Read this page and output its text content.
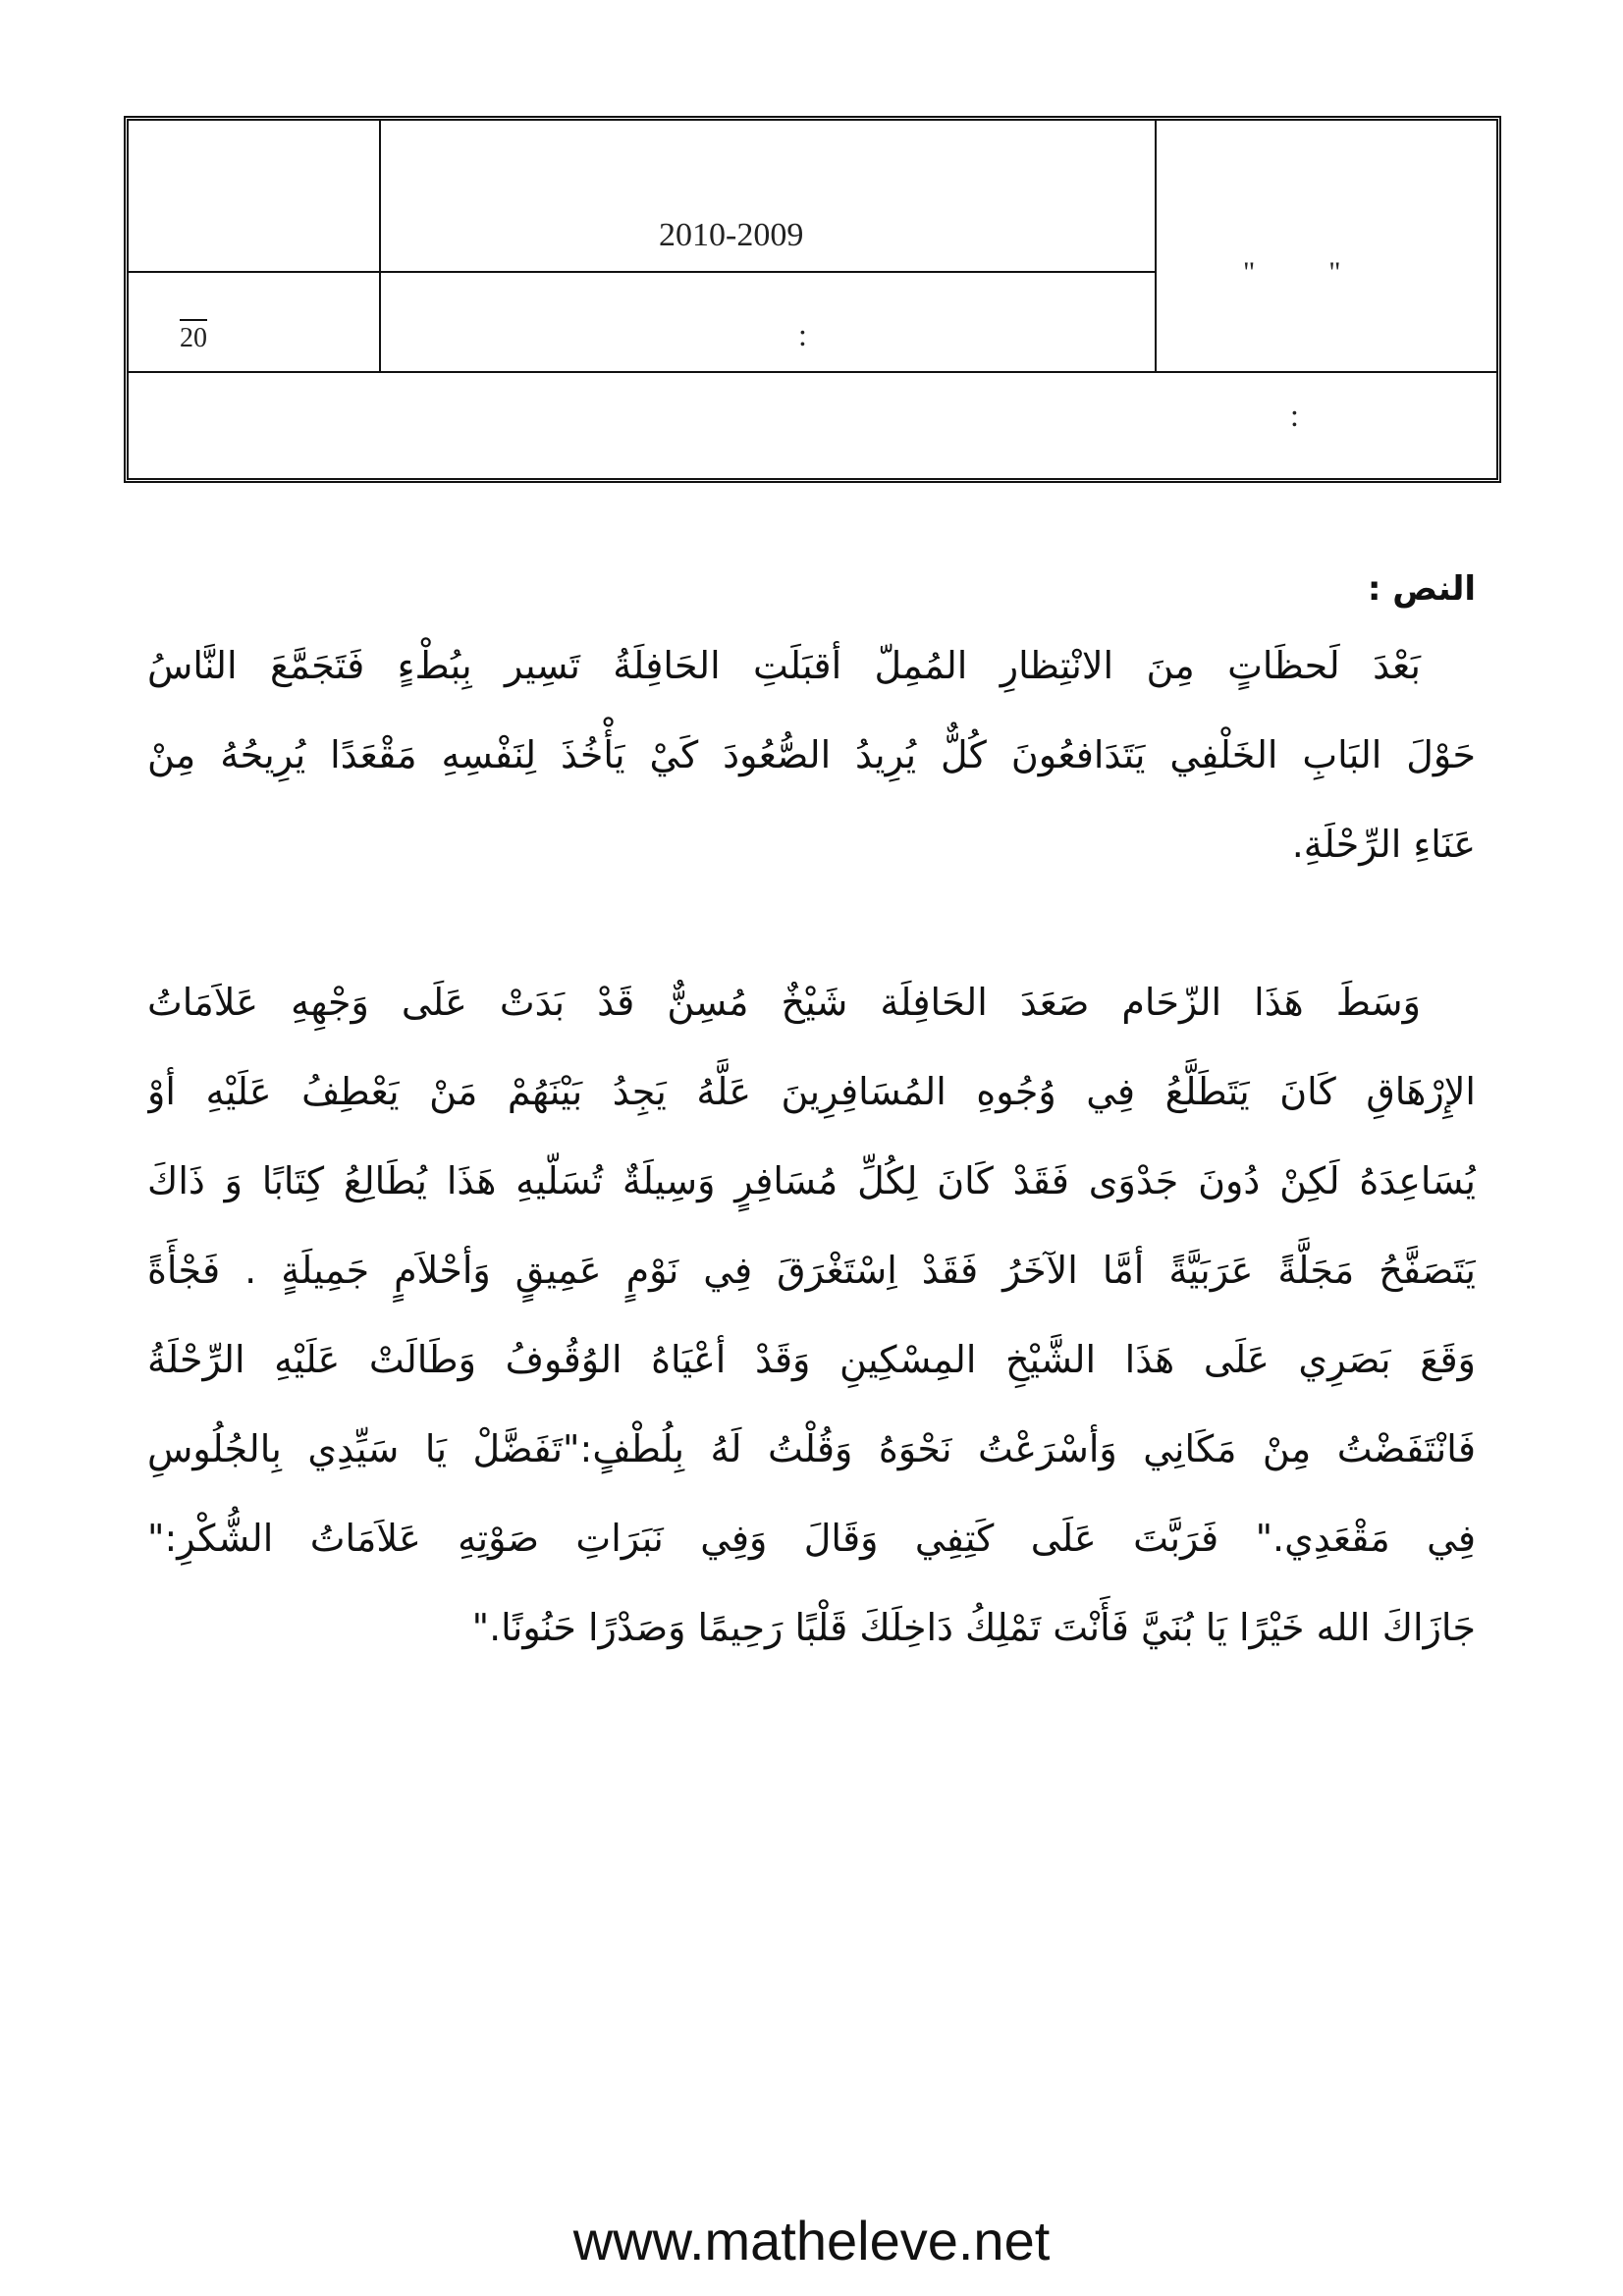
2010-2009
"          "
:
20
:
النص :
بَعْدَ لَحظَاتٍ مِنَ الانْتِظارِ المُمِلّ أقبَلَتِ الحَافِلَةُ تَسِير بِبُطْءٍ فَتَجَمَّعَ النَّاسُ
حَوْلَ البَابِ الخَلْفِي يَتَدَافعُونَ كُلٌّ يُرِيدُ الصُّعُودَ كَيْ يَأْخُذَ لِنَفْسِهِ مَقْعَدًا يُرِيحُهُ مِنْ
عَنَاءِ الرِّحْلَةِ.
وَسَطَ هَذَا الزّحَام صَعَدَ الحَافِلَة شَيْخٌ مُسِنٌّ قَدْ بَدَتْ عَلَى وَجْهِهِ عَلاَمَاتُ
الإِرْهَاقِ كَانَ يَتَطَلَّعُ فِي وُجُوهِ المُسَافِرِينَ عَلَّهُ يَجِدُ بَيْنَهُمْ مَنْ يَعْطِفُ عَلَيْهِ أوْ
يُسَاعِدَهُ لَكِنْ دُونَ جَدْوَى فَقَدْ كَانَ لِكُلِّ مُسَافِرٍ وَسِيلَةٌ تُسَلّيهِ هَذَا يُطَالِعُ كِتَابًا وَ ذَاكَ
يَتَصَفَّحُ مَجَلَّةً عَرَبَيَّةً أمَّا الآخَرُ فَقَدْ اِسْتَغْرَقَ فِي نَوْمٍ عَمِيقٍ وَأحْلاَمٍ جَمِيلَةٍ . فَجْأَةً
وَقَعَ بَصَرِي عَلَى هَذَا الشَّيْخِ المِسْكِينِ وَقَدْ أعْيَاهُ الوُقُوفُ وَطَالَتْ عَلَيْهِ الرِّحْلَةُ
فَانْتَفَضْتُ مِنْ مَكَانِي وَأسْرَعْتُ نَحْوَهُ وَقُلْتُ لَهُ بِلُطْفٍ:"تَفَضَّلْ يَا سَيِّدِي بِالجُلُوسِ
فِي مَقْعَدِي." فَرَبَّتَ عَلَى كَتِفِي وَقَالَ وَفِي نَبَرَاتِ صَوْتِهِ عَلاَمَاتُ الشُّكْرِ:"
جَازَاكَ الله خَيْرًا يَا بُنَيَّ فَأَنْتَ تَمْلِكُ دَاخِلَكَ قَلْبًا رَحِيمًا وَصَدْرًا حَنُونًا."
www.matheleve.net
